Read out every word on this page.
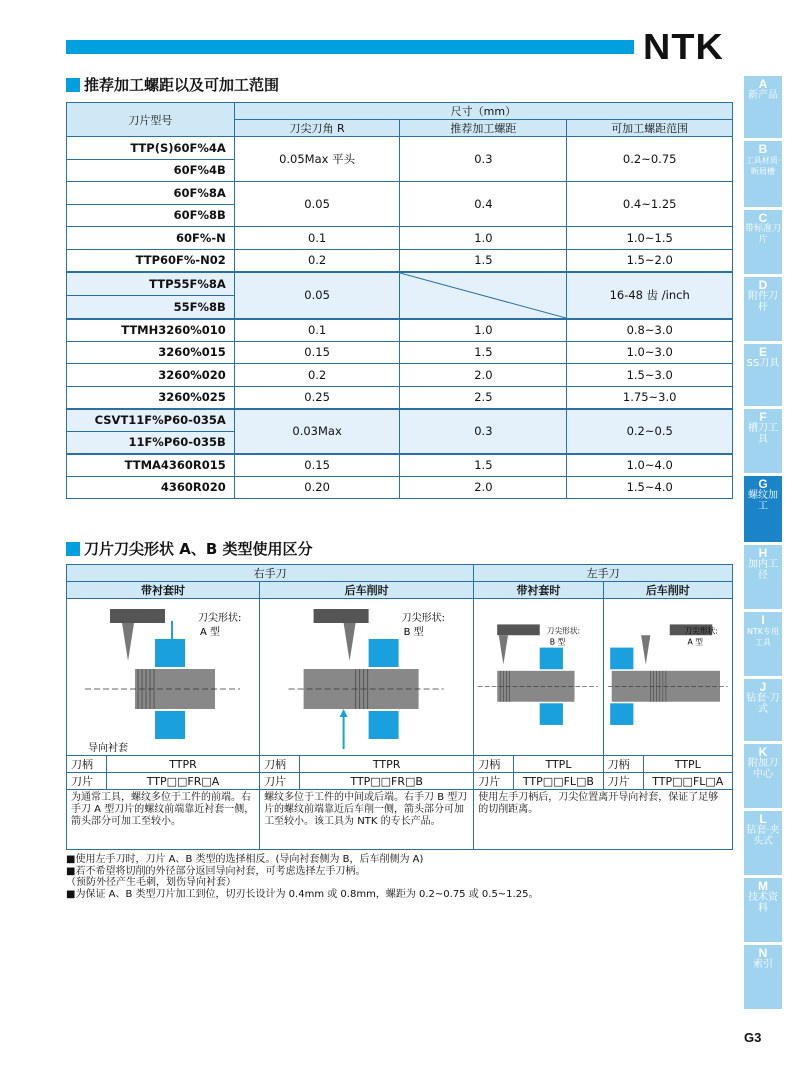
NTK
推荐加工螺距以及可加工范围
刀片型号	尺寸（mm）		
	刀尖刀角 R	推荐加工螺距	可加工螺距范围
TTP(S)60F%4A	0.05Max 平头	0.3	0.2~0.75
60F%4B			
60F%8A	0.05	0.4	0.4~1.25
60F%8B			
60F%-N	0.1	1.0	1.0~1.5
TTP60F%-N02	0.2	1.5	1.5~2.0
TTP55F%8A	0.05		16-48 齿 /inch
55F%8B			
TTMH3260%010	0.1	1.0	0.8~3.0
3260%015	0.15	1.5	1.0~3.0
3260%020	0.2	2.0	1.5~3.0
3260%025	0.25	2.5	1.75~3.0
CSVT11F%P60-035A	0.03Max	0.3	0.2~0.5
11F%P60-035B			
TTMA4360R015	0.15	1.5	1.0~4.0
4360R020	0.20	2.0	1.5~4.0
刀片刀尖形状 A、B 类型使用区分
右手刀				左手刀			
带衬套时		后车削时		带衬套时		后车削时	

刀尖形状:
A 型
导向衬套		刀尖形状:
B 型		刀尖形状:
B 型		刀尖形状:
A 型	

刀柄	TTPR	刀柄	TTPR	刀柄	TTPL	刀柄	TTPL
刀片	TTP□□FR□A	刀片	TTP□□FR□B	刀片	TTP□□FL□B	刀片	TTP□□FL□A
为通常工具，螺纹多位于工件的前端。右手刀 A 型刀片的螺纹前端靠近衬套一侧，箭头部分可加工至较小。		螺纹多位于工件的中间或后端。右手刀 B 型刀片的螺纹前端靠近后车削一侧，箭头部分可加工至较小。该工具为 NTK 的专长产品。		使用左手刀柄后，刀尖位置离开导向衬套，保证了足够的切削距离。			
■使用左手刀时，刀片 A、B 类型的选择相反。(导向衬套侧为 B，后车削侧为 A)
■若不希望将切削的外径部分返回导向衬套，可考虑选择左手刀柄。
（预防外径产生毛刺，划伤导向衬套）
■为保证 A、B 类型刀片加工到位，切刃长设计为 0.4mm 或 0.8mm，螺距为 0.2~0.75 或 0.5~1.25。
A
新产品
B
工具材质·断屑槽
C
带标准刀片
D
附件刀杆
E
SS刀具
F
槽刀工具
G
螺纹加工
H
加内工径
I
NTK专用工具
J
钻套·刀式
K
附加刀中心
L
钻套·夹头式
M
技术资料
N
索引
G3
